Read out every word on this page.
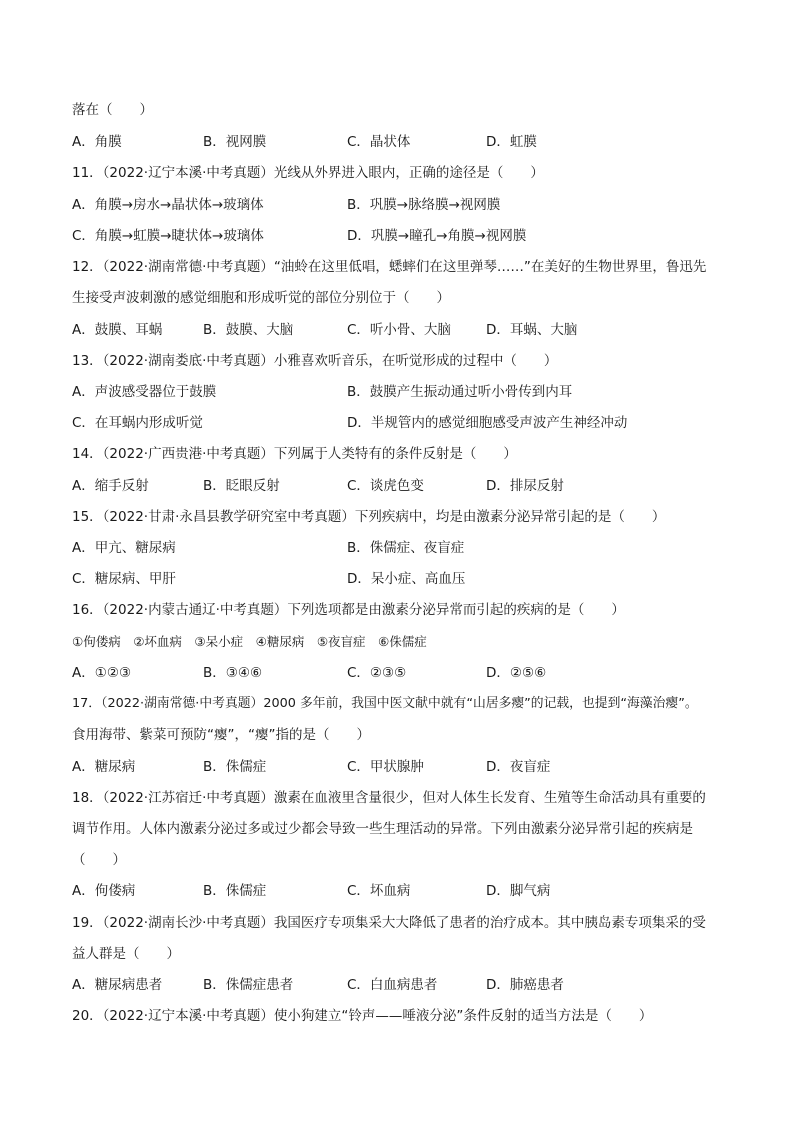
落在（　　）
A．角膜	B．视网膜	C．晶状体	D．虹膜
11．（2022·辽宁本溪·中考真题）光线从外界进入眼内，正确的途径是（　　）
A．角膜→房水→晶状体→玻璃体	B．巩膜→脉络膜→视网膜
C．角膜→虹膜→睫状体→玻璃体	D．巩膜→瞳孔→角膜→视网膜
12．（2022·湖南常德·中考真题）“油蛉在这里低唱，蟋蟀们在这里弹琴……”在美好的生物世界里，鲁迅先
生接受声波刺激的感觉细胞和形成听觉的部位分别位于（　　）
A．鼓膜、耳蜗	B．鼓膜、大脑	C．听小骨、大脑	D．耳蜗、大脑
13．（2022·湖南娄底·中考真题）小雅喜欢听音乐，在听觉形成的过程中（　　）
A．声波感受器位于鼓膜	B．鼓膜产生振动通过听小骨传到内耳
C．在耳蜗内形成听觉	D．半规管内的感觉细胞感受声波产生神经冲动
14．（2022·广西贵港·中考真题）下列属于人类特有的条件反射是（　　）
A．缩手反射	B．眨眼反射	C．谈虎色变	D．排尿反射
15．（2022·甘肃·永昌县教学研究室中考真题）下列疾病中，均是由激素分泌异常引起的是（　　）
A．甲亢、糖尿病	B．侏儒症、夜盲症
C．糖尿病、甲肝	D．呆小症、高血压
16．（2022·内蒙古通辽·中考真题）下列选项都是由激素分泌异常而引起的疾病的是（　　）
①佝偻病　②坏血病　③呆小症　④糖尿病　⑤夜盲症　⑥侏儒症
A．①②③	B．③④⑥	C．②③⑤	D．②⑤⑥
17．（2022·湖南常德·中考真题）2000 多年前，我国中医文献中就有“山居多瘿”的记载，也提到“海藻治瘿”。
食用海带、紫菜可预防“瘿”，“瘿”指的是（　　）
A．糖尿病	B．侏儒症	C．甲状腺肿	D．夜盲症
18．（2022·江苏宿迁·中考真题）激素在血液里含量很少，但对人体生长发育、生殖等生命活动具有重要的
调节作用。人体内激素分泌过多或过少都会导致一些生理活动的异常。下列由激素分泌异常引起的疾病是
（　　）
A．佝偻病	B．侏儒症	C．坏血病	D．脚气病
19．（2022·湖南长沙·中考真题）我国医疗专项集采大大降低了患者的治疗成本。其中胰岛素专项集采的受
益人群是（　　）
A．糖尿病患者	B．侏儒症患者	C．白血病患者	D．肺癌患者
20．（2022·辽宁本溪·中考真题）使小狗建立“铃声——唾液分泌”条件反射的适当方法是（　　）
